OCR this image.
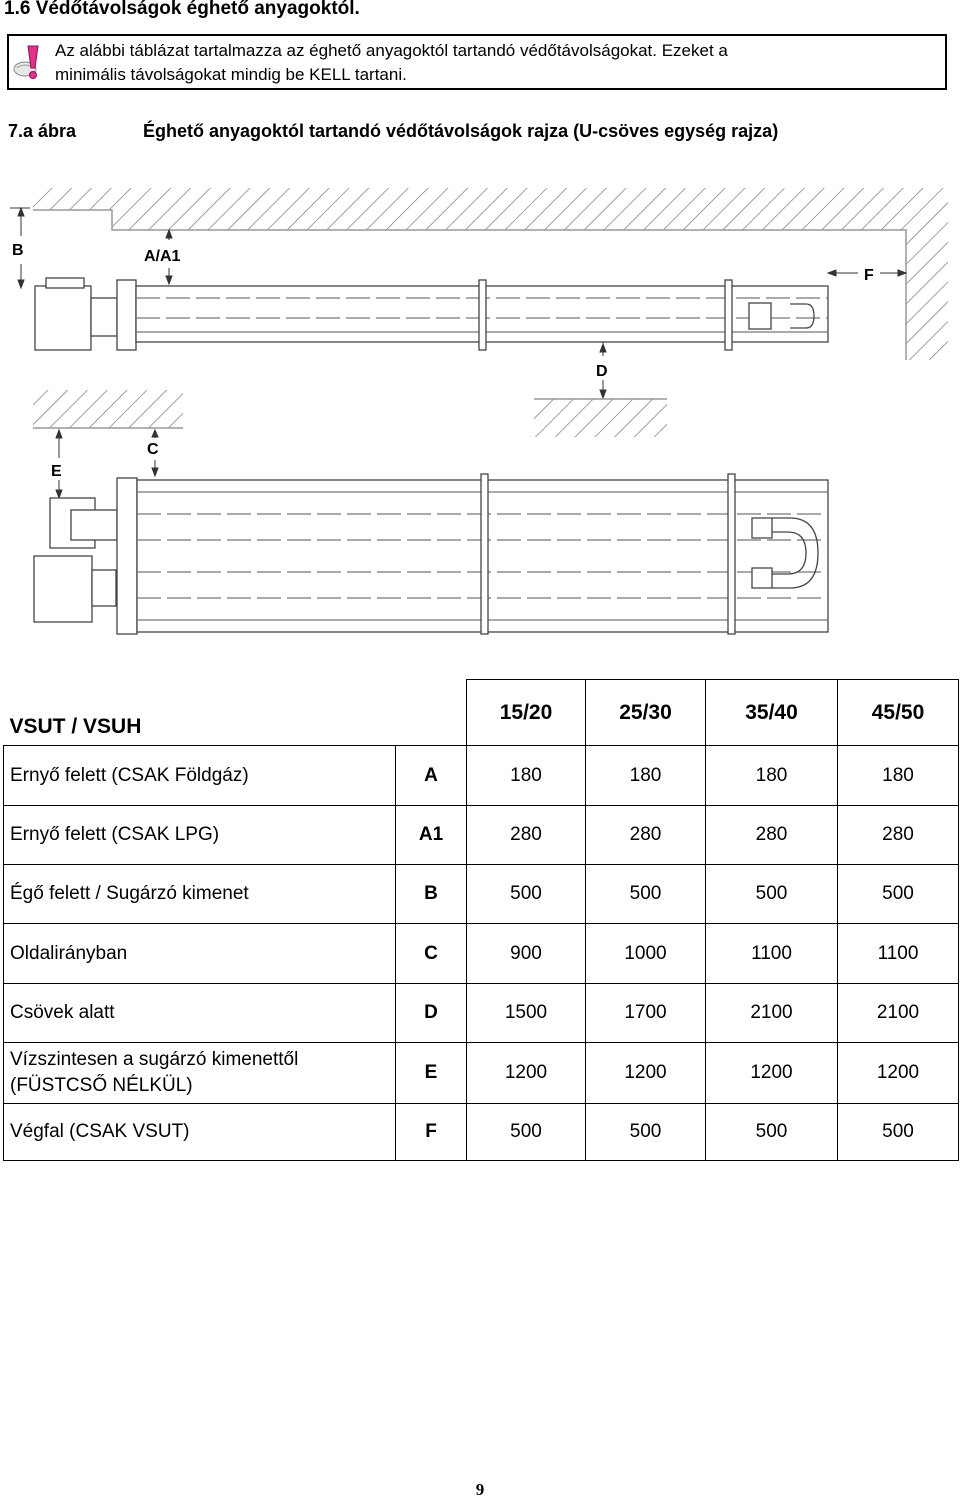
1.6 Védőtávolságok éghető anyagoktól.
Az alábbi táblázat tartalmazza az éghető anyagoktól tartandó védőtávolságokat. Ezeket a
minimális távolságokat mindig be KELL tartani.
7.a ábra	Éghető anyagoktól tartandó védőtávolságok rajza (U-csöves egység rajza)
B	A/A1
F
D
E
C
VSUT / VSUH		15/20	25/30	35/40	45/50
Ernyő felett (CSAK Földgáz)	A	180	180	180	180
Ernyő felett (CSAK LPG)	A1	280	280	280	280
Égő felett / Sugárzó kimenet	B	500	500	500	500
Oldalirányban	C	900	1000	1100	1100
Csövek alatt	D	1500	1700	2100	2100

Vízszintesen a sugárzó kimenettől
(FÜSTCSŐ NÉLKÜL)	E	1200	1200	1200	1200
Végfal (CSAK VSUT)	F	500	500	500	500
9
